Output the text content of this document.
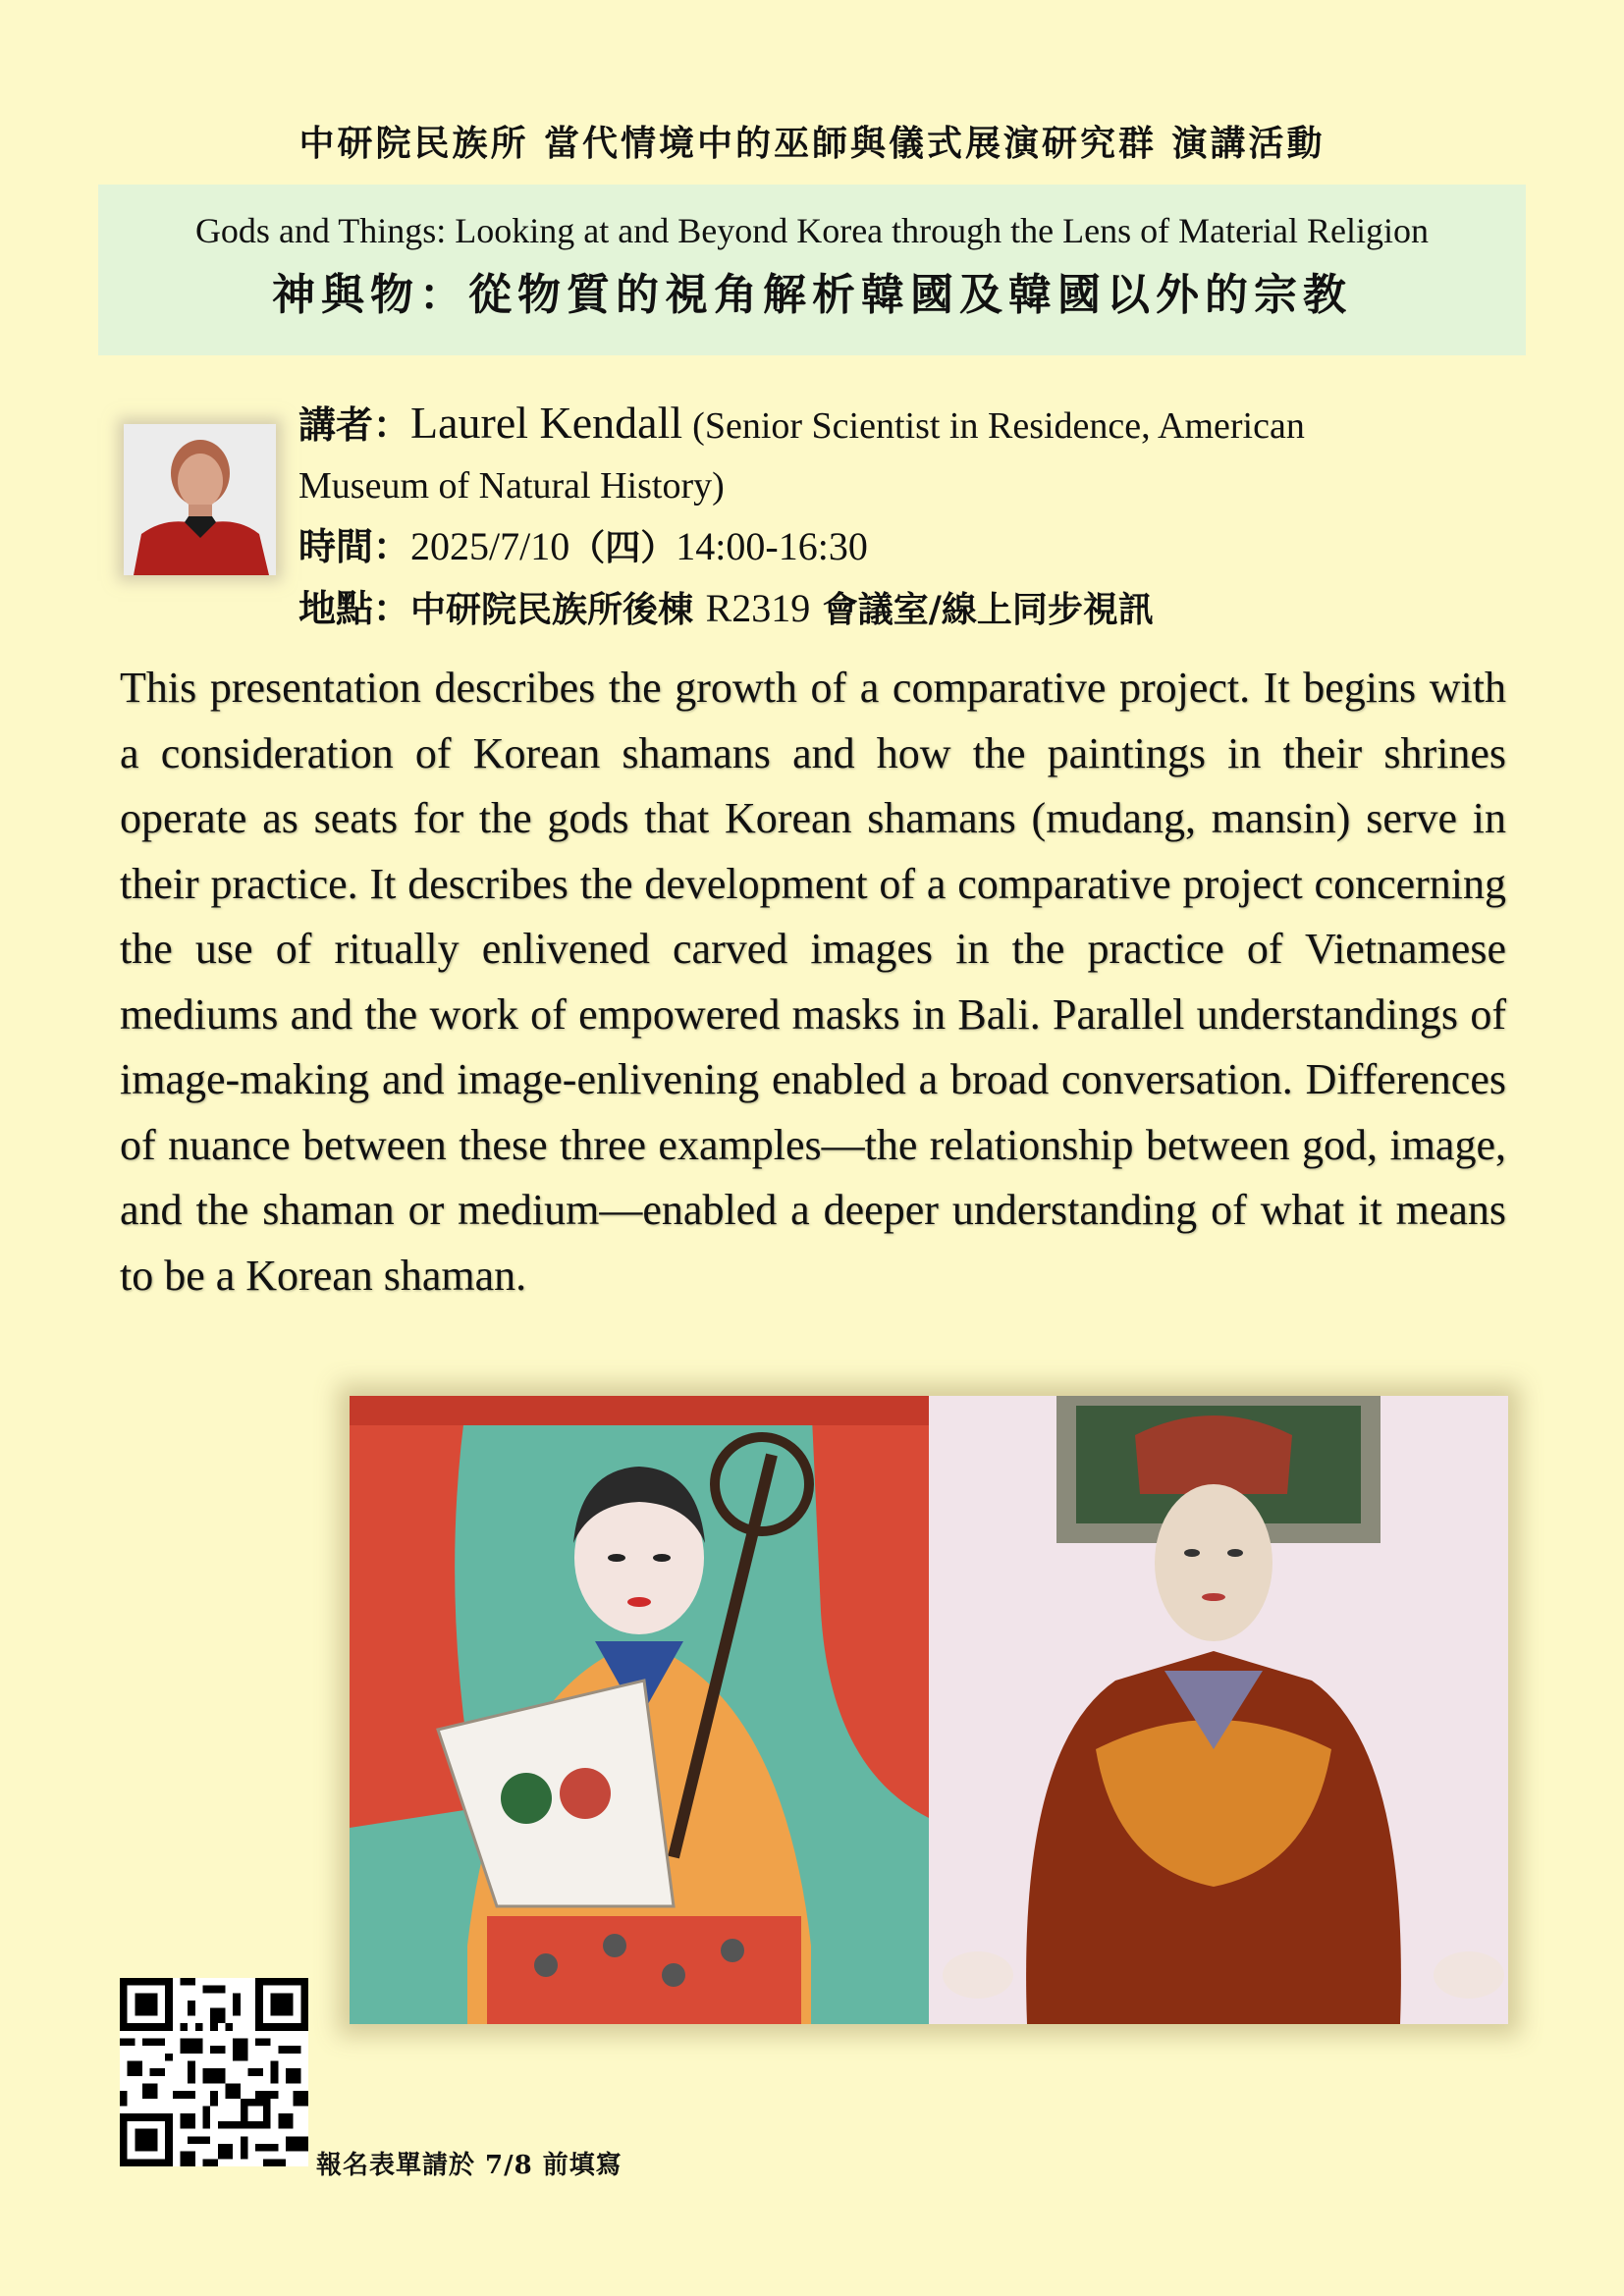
中研院民族所 當代情境中的巫師與儀式展演研究群 演講活動
Gods and Things: Looking at and Beyond Korea through the Lens of Material Religion
神與物：從物質的視角解析韓國及韓國以外的宗教
講者：Laurel Kendall (Senior Scientist in Residence, American
Museum of Natural History)
時間：2025/7/10（四）14:00-16:30
地點：中研院民族所後棟 R2319 會議室/線上同步視訊
This presentation describes the growth of a comparative project. It begins with a consideration of Korean shamans and how the paintings in their shrines operate as seats for the gods that Korean shamans (mudang, mansin) serve in their practice. It describes the development of a comparative project concerning the use of ritually enlivened carved images in the practice of Vietnamese mediums and the work of empowered masks in Bali. Parallel understandings of image-making and image-enlivening enabled a broad conversation. Differences of nuance between these three examples—the relationship between god, image, and the shaman or medium—enabled a deeper understanding of what it means to be a Korean shaman.
報名表單請於 7/8 前填寫
